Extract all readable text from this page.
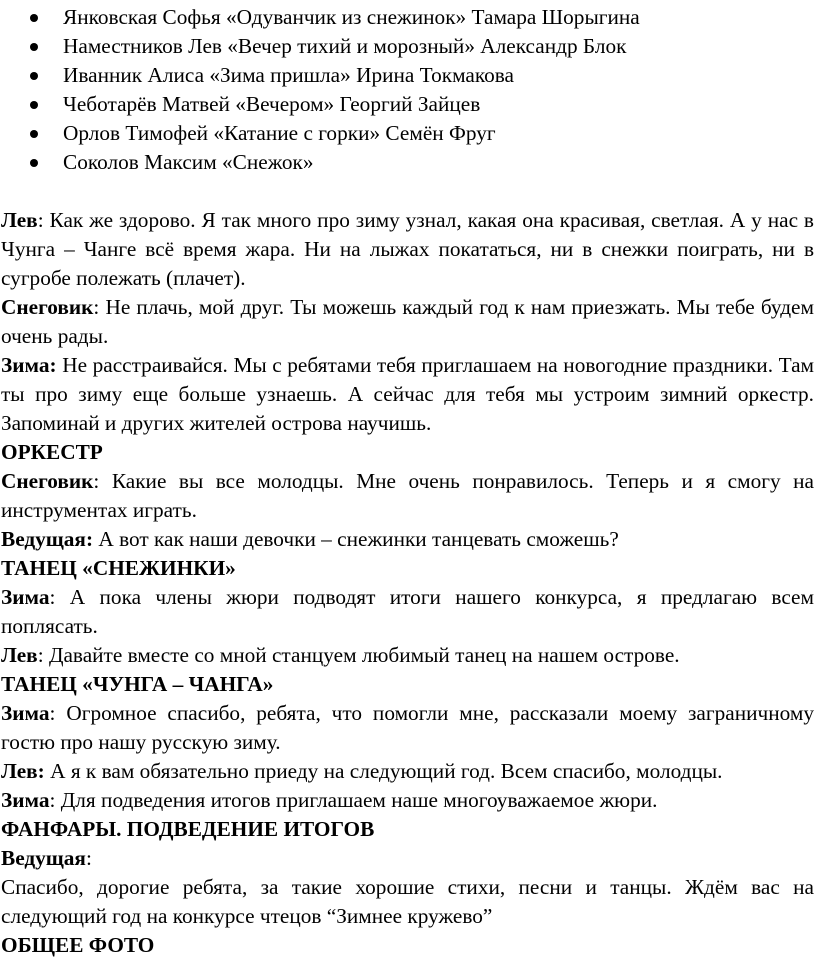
Янковская Софья «Одуванчик из снежинок» Тамара Шорыгина
Наместников Лев «Вечер тихий и морозный» Александр Блок
Иванник Алиса «Зима пришла» Ирина Токмакова
Чеботарёв Матвей «Вечером» Георгий Зайцев
Орлов Тимофей «Катание с горки» Семён Фруг
Соколов Максим «Снежок»

Лев: Как же здорово. Я так много про зиму узнал, какая она красивая, светлая. А у нас в Чунга – Чанге всё время жара. Ни на лыжах покататься, ни в снежки поиграть, ни в сугробе полежать (плачет).

Снеговик: Не плачь, мой друг. Ты можешь каждый год к нам приезжать. Мы тебе будем очень рады.

Зима: Не расстраивайся. Мы с ребятами тебя приглашаем на новогодние праздники. Там ты про зиму еще больше узнаешь. А сейчас для тебя мы устроим зимний оркестр. Запоминай и других жителей острова научишь.

ОРКЕСТР

Снеговик: Какие вы все молодцы. Мне очень понравилось. Теперь и я смогу на инструментах играть.

Ведущая: А вот как наши девочки – снежинки танцевать сможешь?

ТАНЕЦ «СНЕЖИНКИ»

Зима: А пока члены жюри подводят итоги нашего конкурса, я предлагаю всем поплясать.

Лев: Давайте вместе со мной станцуем любимый танец на нашем острове.

ТАНЕЦ «ЧУНГА – ЧАНГА»

Зима: Огромное спасибо, ребята, что помогли мне, рассказали моему заграничному гостю про нашу русскую зиму.

Лев: А я к вам обязательно приеду на следующий год. Всем спасибо, молодцы.

Зима: Для подведения итогов приглашаем наше многоуважаемое жюри.

ФАНФАРЫ. ПОДВЕДЕНИЕ ИТОГОВ

Ведущая:

Спасибо, дорогие ребята, за такие хорошие стихи, песни и танцы. Ждём вас на следующий год на конкурсе чтецов “Зимнее кружево”

ОБЩЕЕ ФОТО
